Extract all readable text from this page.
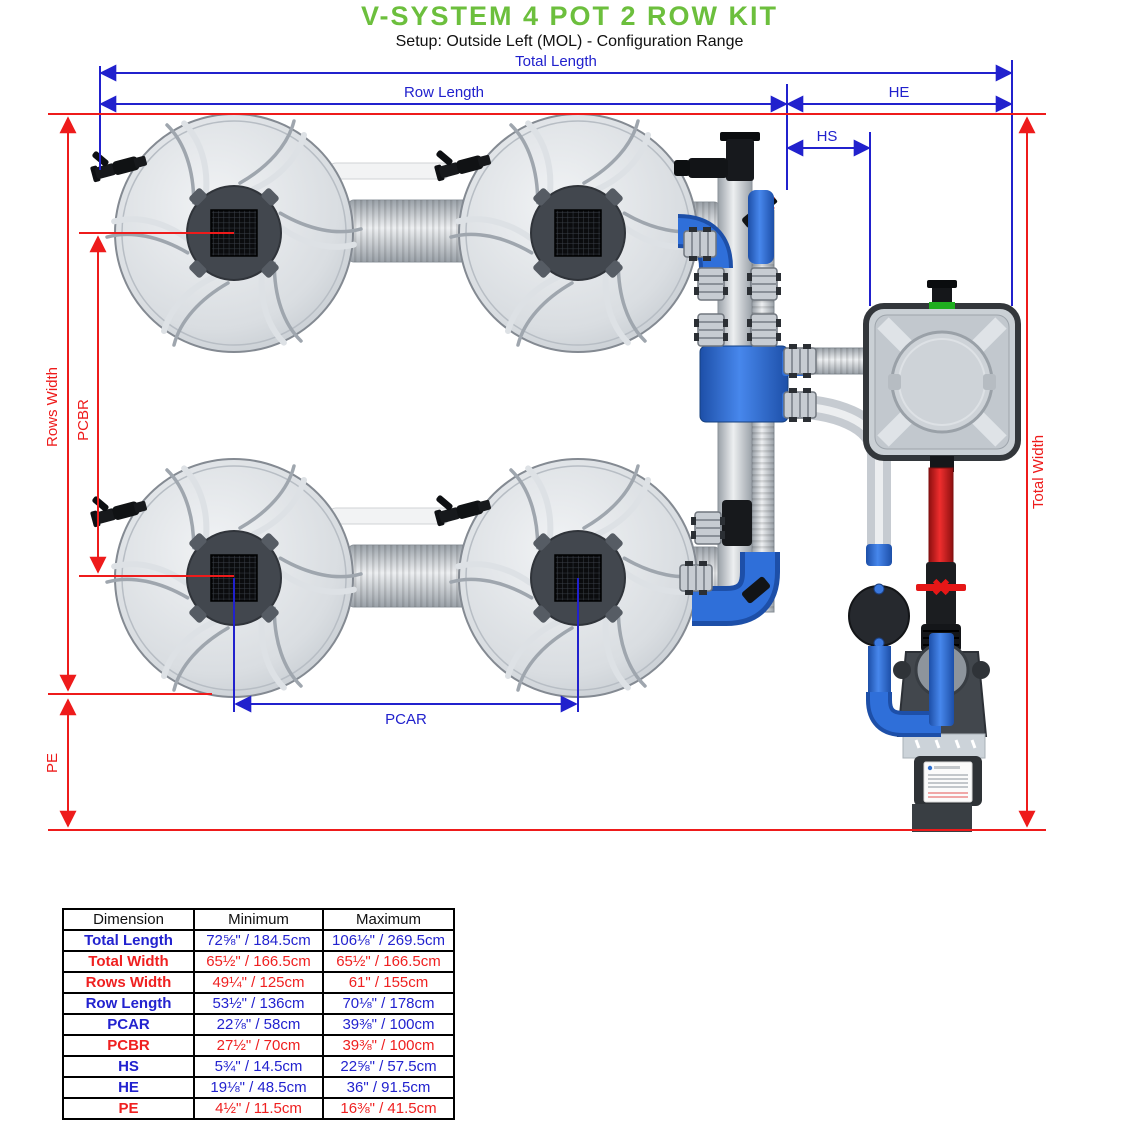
Total Length
Row Length	HE
HS
PCAR
Rows Width PCBR
Total Width
PE
V-SYSTEM 4 POT 2 ROW KIT
Setup: Outside Left (MOL) - Configuration Range
Dimension	Minimum	Maximum
Total Length	72⅝" / 184.5cm	106⅛" / 269.5cm
Total Width	65½" / 166.5cm	65½" / 166.5cm
Rows Width	49¼" / 125cm	61" / 155cm
Row Length	53½" / 136cm	70⅛" / 178cm
PCAR	22⅞" / 58cm	39⅜" / 100cm
PCBR	27½" / 70cm	39⅜" / 100cm
HS	5¾" / 14.5cm	22⅝" / 57.5cm
HE	19⅛" / 48.5cm	36" / 91.5cm
PE	4½" / 11.5cm	16⅜" / 41.5cm
